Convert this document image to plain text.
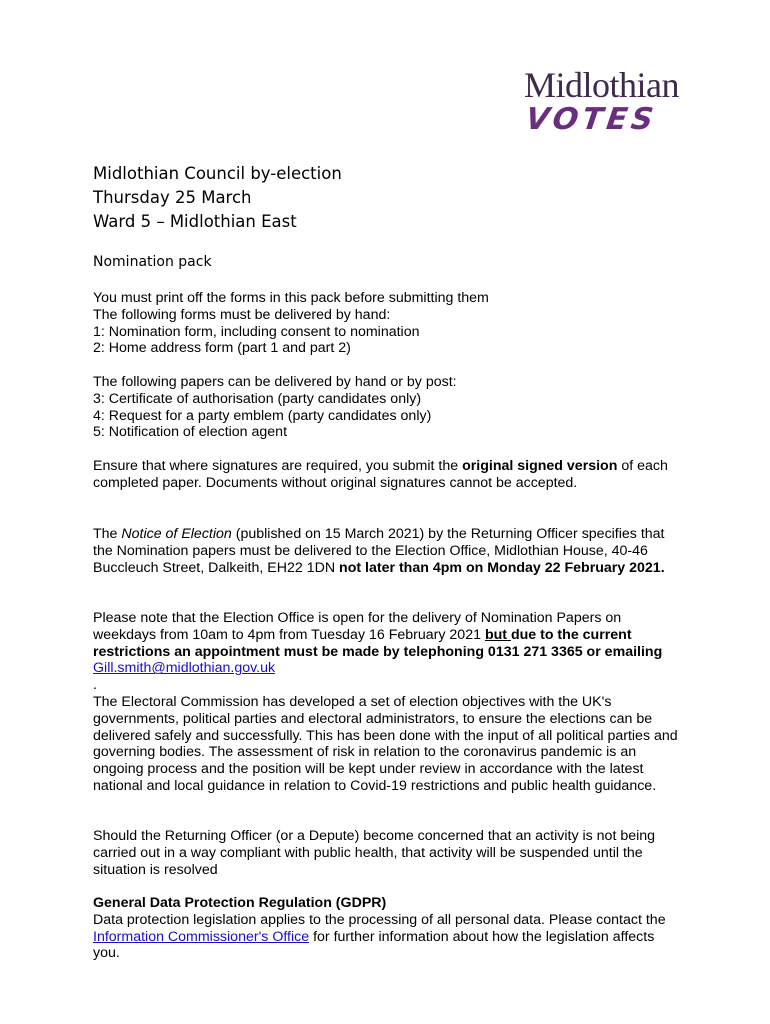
Midlothian
VOTES
Midlothian Council by-election
Thursday 25 March
Ward 5 – Midlothian East
Nomination pack

You must print off the forms in this pack before submitting them

The following forms must be delivered by hand:

1: Nomination form, including consent to nomination

2: Home address form (part 1 and part 2)

The following papers can be delivered by hand or by post:

3: Certificate of authorisation (party candidates only)

4: Request for a party emblem (party candidates only)

5: Notification of election agent

Ensure that where signatures are required, you submit the original signed version of each completed paper. Documents without original signatures cannot be accepted.
The Notice of Election (published on 15 March 2021) by the Returning Officer specifies that the Nomination papers must be delivered to the Election Office, Midlothian House, 40-46 Buccleuch Street, Dalkeith, EH22 1DN not later than 4pm on Monday 22 February 2021.
Please note that the Election Office is open for the delivery of Nomination Papers on weekdays from 10am to 4pm from Tuesday 16 February 2021 but due to the current restrictions an appointment must be made by telephoning 0131 271 3365 or emailing Gill.smith@midlothian.gov.uk
.
The Electoral Commission has developed a set of election objectives with the UK's governments, political parties and electoral administrators, to ensure the elections can be delivered safely and successfully. This has been done with the input of all political parties and governing bodies. The assessment of risk in relation to the coronavirus pandemic is an ongoing process and the position will be kept under review in accordance with the latest national and local guidance in relation to Covid-19 restrictions and public health guidance.
Should the Returning Officer (or a Depute) become concerned that an activity is not being carried out in a way compliant with public health, that activity will be suspended until the situation is resolved
General Data Protection Regulation (GDPR)
Data protection legislation applies to the processing of all personal data. Please contact the Information Commissioner's Office for further information about how the legislation affects you.
